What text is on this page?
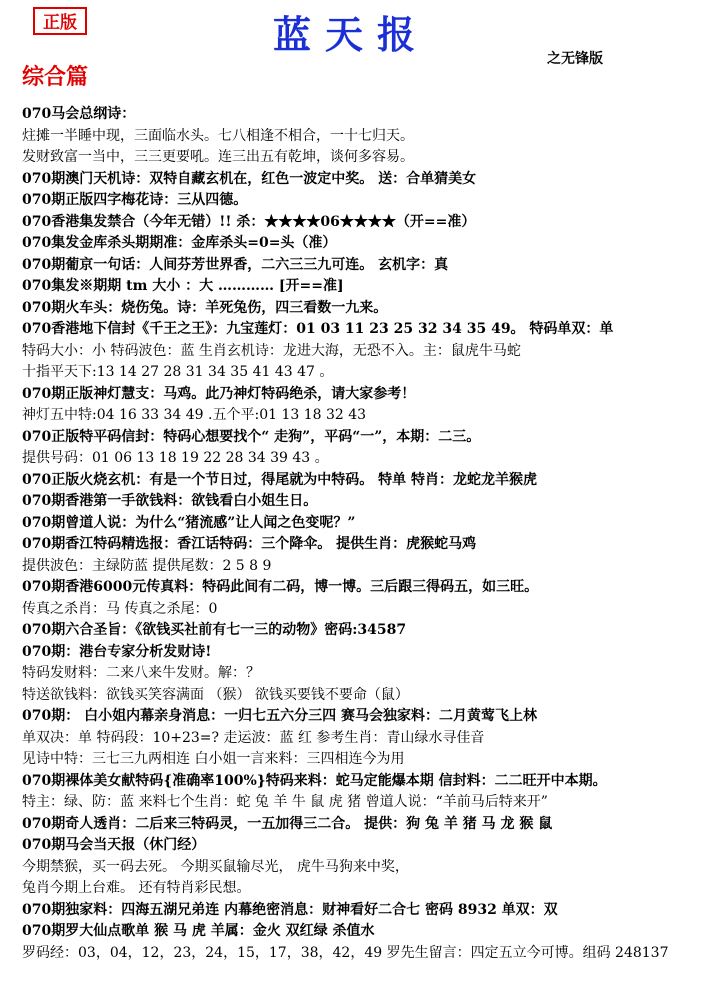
正版	蓝天报
之无锋版
综合篇
070马会总纲诗：
炷摊一半睡中现，三面临水头。七八相逢不相合，一十七归天。
发财致富一当中，三三更要吼。连三出五有乾坤，谈何多容易。
070期澳门天机诗：双特自藏玄机在，红色一波定中奖。 送：合单猜美女
070期正版四字梅花诗：三从四德。
070香港集发禁合（今年无错）!! 杀：★★★★06★★★★（开==准）
070集发金库杀头期期准：金库杀头=0=头（准）
070期葡京一句话：人间芬芳世界香，二六三三九可连。 玄机字：真
070集发※期期 tm 大小 ：大 ………… [开==准]
070期火车头：烧伤兔。诗：羊死兔伤，四三看数一九来。
070香港地下信封《千王之王》：九宝莲灯：01 03 11 23 25 32 34 35 49。 特码单双：单
特码大小：小 特码波色：蓝 生肖玄机诗：龙进大海，无恐不入。主：鼠虎牛马蛇
十指平天下:13 14 27 28 31 34 35 41 43 47 。
070期正版神灯慧支：马鸡。此乃神灯特码绝杀，请大家参考！
神灯五中特:04 16 33 34 49 .五个平:01 13 18 32 43
070正版特平码信封：特码心想要找个“ 走狗”，平码“一”，本期：二三。
提供号码：01 06 13 18 19 22 28 34 39 43 。
070正版火烧玄机：有是一个节日过，得尾就为中特码。 特单 特肖：龙蛇龙羊猴虎
070期香港第一手欲钱料：欲钱看白小姐生日。
070期曾道人说：为什么“猪流感”让人闻之色变呢？”
070期香江特码精选报：香江话特码：三个降伞。 提供生肖：虎猴蛇马鸡
提供波色：主绿防蓝 提供尾数：2 5 8 9
070期香港6000元传真料：特码此间有二码，博一博。三后跟三得码五，如三旺。
传真之杀肖：马 传真之杀尾：0
070期六合圣旨：《欲钱买社前有七一三的动物》密码:34587
070期：港台专家分析发财诗!
特码发财料：二来八来牛发财。解：？
特送欲钱料：欲钱买笑容满面 （猴） 欲钱买要钱不要命（鼠）
070期： 白小姐内幕亲身消息：一归七五六分三四 赛马会独家料：二月黄莺飞上林
单双决：单 特码段：10+23=? 走运波：蓝 红 参考生肖：青山绿水寻佳音
见诗中特：三七三九两相连 白小姐一言来料：三四相连今为用
070期裸体美女献特码{准确率100%}特码来料：蛇马定能爆本期 信封料：二二旺开中本期。
特主：绿、防：蓝 来料七个生肖：蛇 兔 羊 牛 鼠 虎 猪 曾道人说：“羊前马后特来开”
070期奇人透肖：二后来三特码灵，一五加得三二合。 提供：狗 兔 羊 猪 马 龙 猴 鼠
070期马会当天报（休门经）
今期禁猴，买一码去死。 今期买鼠输尽光， 虎牛马狗来中奖，
兔肖今期上台难。 还有特肖彩民想。
070期独家料：四海五湖兄弟连 内幕绝密消息：财神看好二合七 密码 8932 单双：双
070期罗大仙点歌单 猴 马 虎 羊属：金火 双红绿 杀值水
罗码经：03，04，12，23，24，15，17，38，42，49 罗先生留言：四定五立今可博。组码 248137
